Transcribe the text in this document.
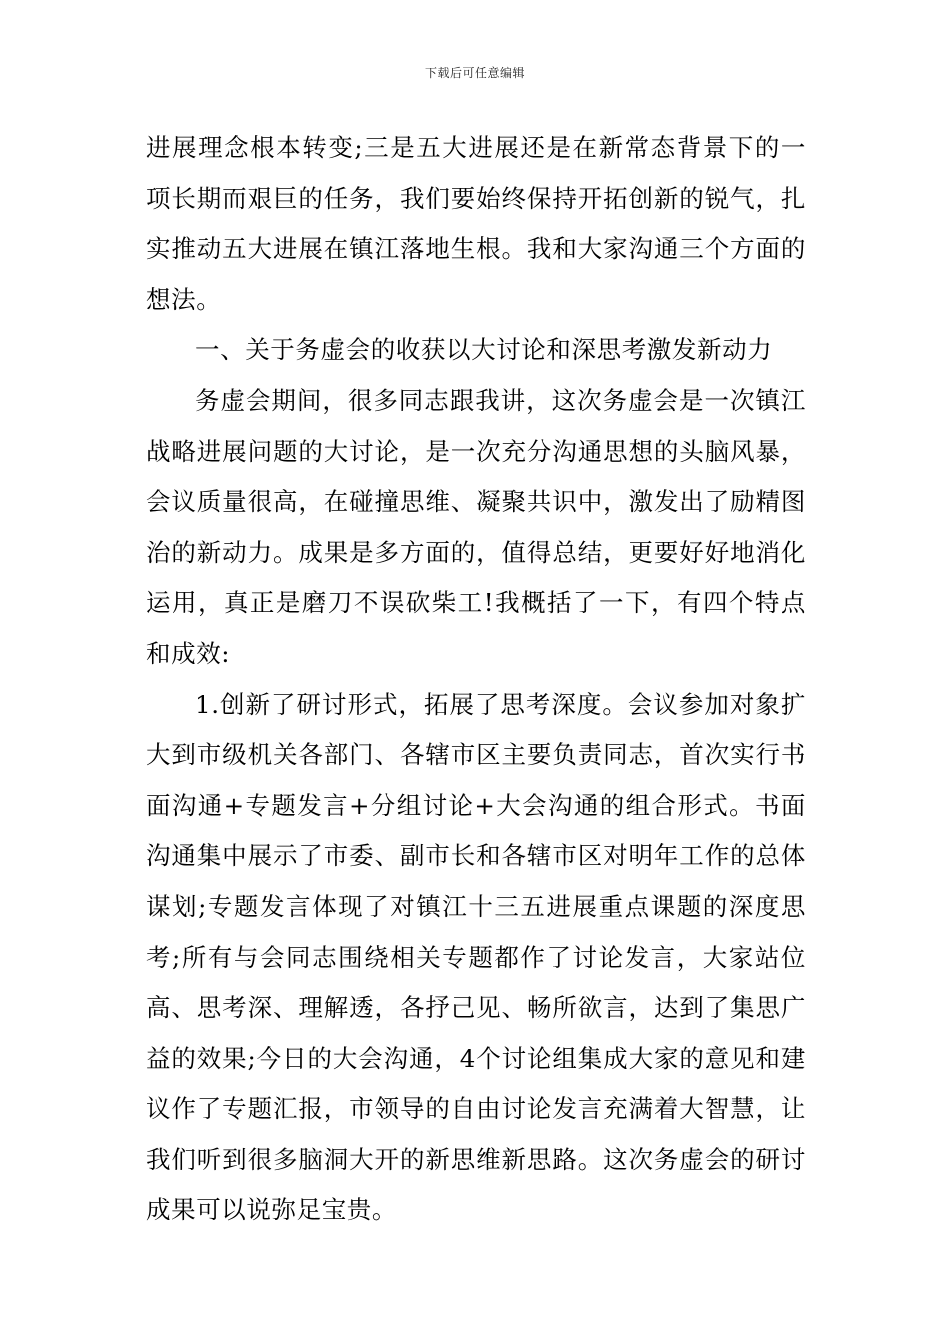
下载后可任意编辑

进展理念根本转变;三是五大进展还是在新常态背景下的一项长期而艰巨的任务，我们要始终保持开拓创新的锐气，扎实推动五大进展在镇江落地生根。我和大家沟通三个方面的想法。

一、关于务虚会的收获以大讨论和深思考激发新动力

务虚会期间，很多同志跟我讲，这次务虚会是一次镇江战略进展问题的大讨论，是一次充分沟通思想的头脑风暴，会议质量很高，在碰撞思维、凝聚共识中，激发出了励精图治的新动力。成果是多方面的，值得总结，更要好好地消化运用，真正是磨刀不误砍柴工!我概括了一下，有四个特点和成效:

1.创新了研讨形式，拓展了思考深度。会议参加对象扩大到市级机关各部门、各辖市区主要负责同志，首次实行书面沟通+专题发言+分组讨论+大会沟通的组合形式。书面沟通集中展示了市委、副市长和各辖市区对明年工作的总体谋划;专题发言体现了对镇江十三五进展重点课题的深度思考;所有与会同志围绕相关专题都作了讨论发言，大家站位高、思考深、理解透，各抒己见、畅所欲言，达到了集思广益的效果;今日的大会沟通，4个讨论组集成大家的意见和建议作了专题汇报，市领导的自由讨论发言充满着大智慧，让我们听到很多脑洞大开的新思维新思路。这次务虚会的研讨成果可以说弥足宝贵。
